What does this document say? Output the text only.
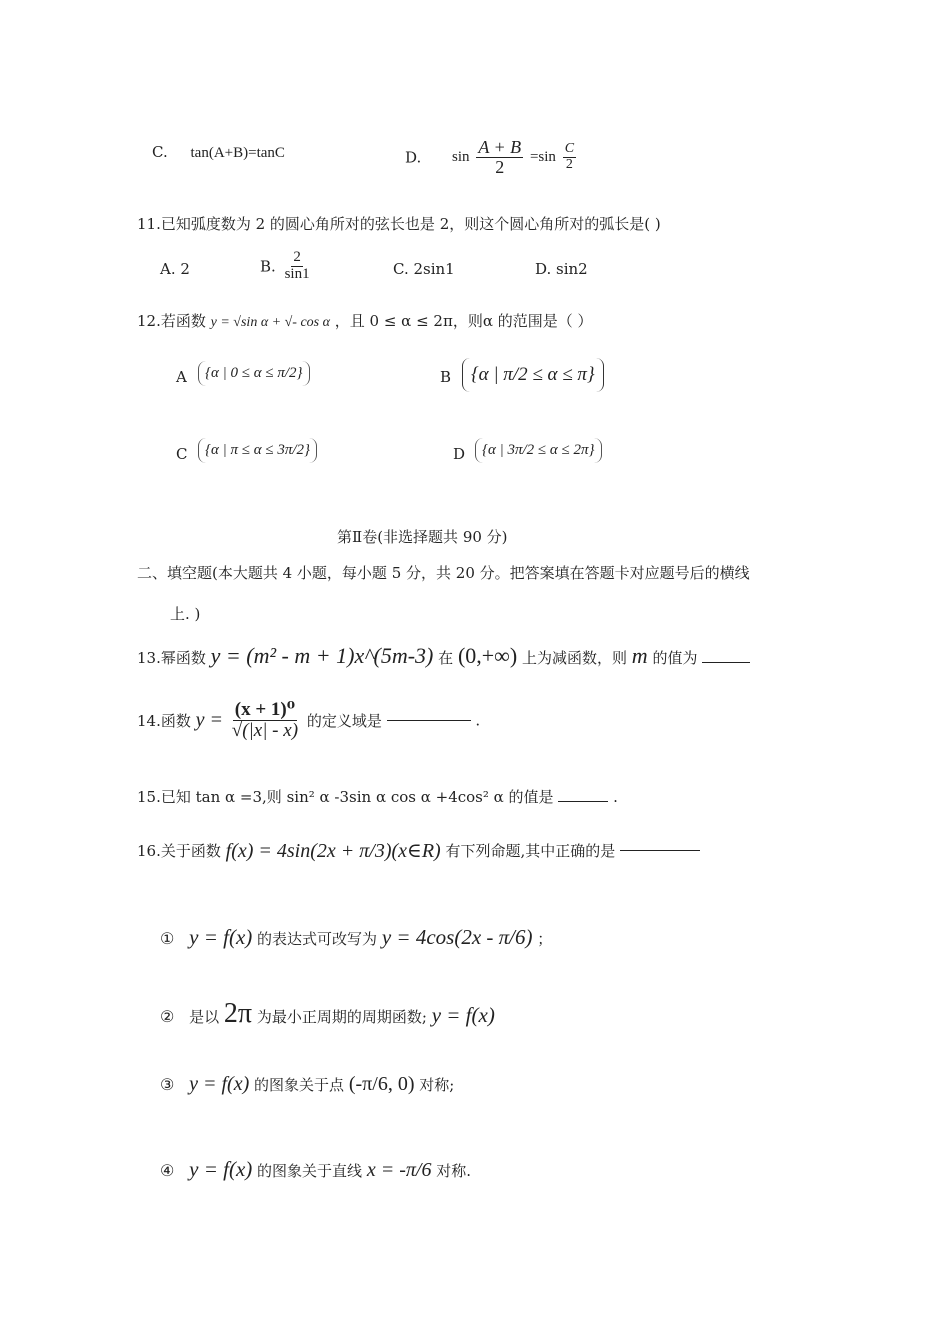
C. tan(A+B)=tanC	D. $\sin \frac{A + B}{2} =\sin \frac{C}{2}$
11.已知弧度数为 2 的圆心角所对的弦长也是 2，则这个圆心角所对的弧长是( )
A. 2	B. $\frac{2}{\sin 1}$	C. 2sin1	D. sin2
12.若函数 y = √sin α + √- cos α ，且 0 ≤ α ≤ 2π，则α 的范围是（ ）
A	{α | 0 ≤ α ≤ π/2}	B	{α | π/2 ≤ α ≤ π}
C	{α | π ≤ α ≤ 3π/2}	D	{α | 3π/2 ≤ α ≤ 2π}
第Ⅱ卷(非选择题共 90 分)
二、填空题(本大题共 4 小题，每小题 5 分，共 20 分。把答案填在答题卡对应题号后的横线
上. )
13.幂函数 y = (m² - m + 1)x^(5m-3) 在 (0,+∞) 上为减函数，则 m 的值为
14.函数 $y = \frac{\text{(x + 1)⁰}}{√(|x| - x)}$ 的定义域是	.
15.已知 tan α =3,则 sin² α -3sin α cos α +4cos² α 的值是	.
16.关于函数 f(x) = 4sin(2x + π/3)(x∈R) 有下列命题,其中正确的是
① y = f(x) 的表达式可改写为 y = 4cos(2x - π/6) ；
② 是以 2π 为最小正周期的周期函数; y = f(x)
③ y = f(x) 的图象关于点 (-π/6, 0) 对称;
④ y = f(x) 的图象关于直线 x = -π/6 对称.
